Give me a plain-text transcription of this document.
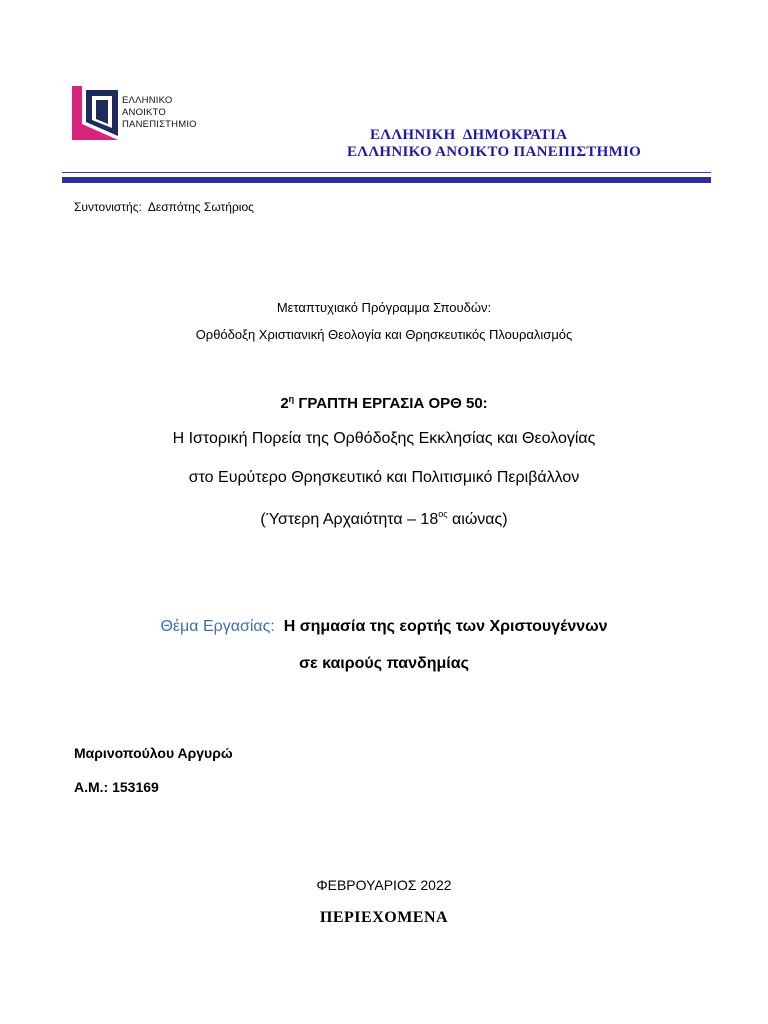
ΕΛΛΗΝΙΚΟ
ΑΝΟΙΚΤΟ
ΠΑΝΕΠΙΣΤΗΜΙΟ
ΕΛΛΗΝΙΚΗ  ΔΗΜΟΚΡΑΤΙΑ
ΕΛΛΗΝΙΚΟ ΑΝΟΙΚΤΟ ΠΑΝΕΠΙΣΤΗΜΙΟ
Συντονιστής:  Δεσπότης Σωτήριος
Μεταπτυχιακό Πρόγραμμα Σπουδών:
Ορθόδοξη Χριστιανική Θεολογία και Θρησκευτικός Πλουραλισμός
$2^\eta$ ΓΡΑΠΤΗ ΕΡΓΑΣΙΑ ΟΡΘ 50:
Η Ιστορική Πορεία της Ορθόδοξης Εκκλησίας και Θεολογίας
στο Ευρύτερο Θρησκευτικό και Πολιτισμικό Περιβάλλον
(Ύστερη Αρχαιότητα – $18^{o\varsigma}$ αιώνας)
Θέμα Εργασίας: Η σημασία της εορτής των Χριστουγέννων
σε καιρούς πανδημίας
Μαρινοπούλου Αργυρώ
Α.Μ.: 153169
ΦΕΒΡΟΥΑΡΙΟΣ 2022
ΠΕΡΙΕΧΟΜΕΝΑ
